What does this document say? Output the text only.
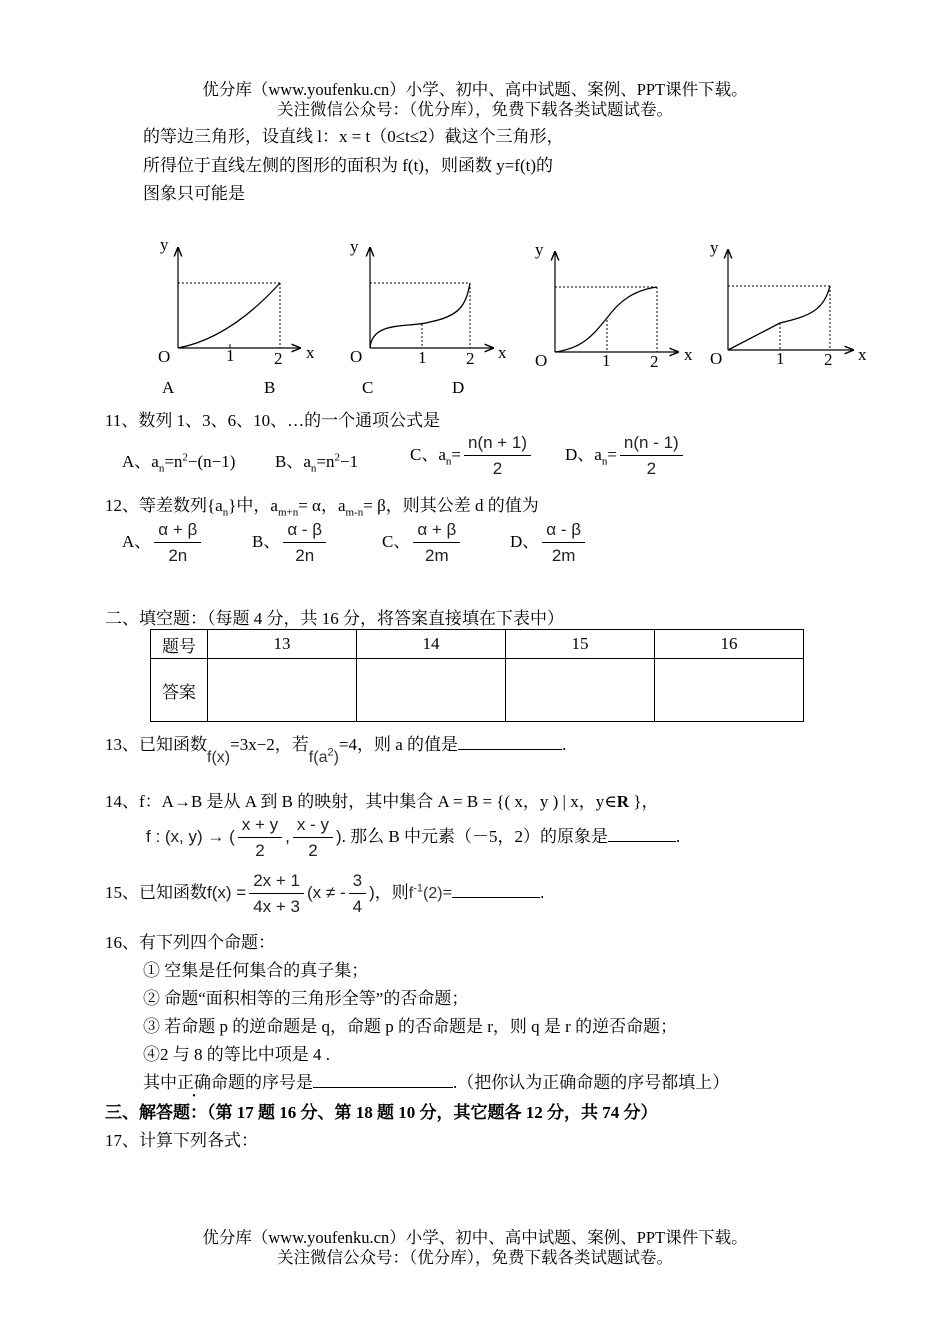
优分库（www.youfenku.cn）小学、初中、高中试题、案例、PPT课件下载。
关注微信公众号：（优分库），免费下载各类试题试卷。
的等边三角形，设直线 l：x = t（0≤t≤2）截这个三角形，
所得位于直线左侧的图形的面积为 f(t)，则函数 y=f(t)的
图象只可能是
y
O	1 2 x
y
O	1 2 x
y
O	1 2 x
y
O	1 2 x
A	B	C	D
11、数列 1、3、6、10、…的一个通项公式是
A、$a_n=n^2-(n-1)$ B、$a_n=n^2-1$	C、$a_n= \frac{n(n + 1)}{2}$ D、$a_n= \frac{n(n - 1)}{2}$
12、等差数列$\{a_n\}$中，$a_{m+n}= \alpha$，$a_{m-n}= \beta$，则其公差 d 的值为
A、 $\frac{\alpha + \beta}{2n}$	B、 $\frac{\alpha - \beta}{2n}$	C、 $\frac{\alpha + \beta}{2m}$	D、 $\frac{\alpha - \beta}{2m}$
二、填空题：（每题 4 分，共 16 分，将答案直接填在下表中）
题号	13	14	15	16
答案				
13、已知函数f(x)=3x−2，若$f(a^2)=4$，则 a 的值是	.
14、f：A→B 是从 A 到 B 的映射，其中集合 A = B = {( x，y ) | x，y∈R }，
f : (x, y) → ( $\frac{x + y}{2}$ , $\frac{x - y}{2}$ ). 那么 B 中元素（－5，2）的原象是	.
15、已知函数$f(x) = \frac{2x + 1}{4x + 3} (x$ ≠ - $\frac{3}{4}$ )，则$f^{-1}(2)=$	.
16、有下列四个命题：
① 空集是任何集合的真子集；
② 命题“面积相等的三角形全等”的否命题；
③ 若命题 p 的逆命题是 q，命题 p 的否命题是 r，则 q 是 r 的逆否命题；
④2 与 8 的等比中项是 4 .
其中正确命题的序号是	.（把你认为正确命题的序号都填上）
三、解答题：（第 17 题 16 分、第 18 题 10 分，其它题各 12 分，共 74 分）
17、计算下列各式：
优分库（www.youfenku.cn）小学、初中、高中试题、案例、PPT课件下载。
关注微信公众号：（优分库），免费下载各类试题试卷。
